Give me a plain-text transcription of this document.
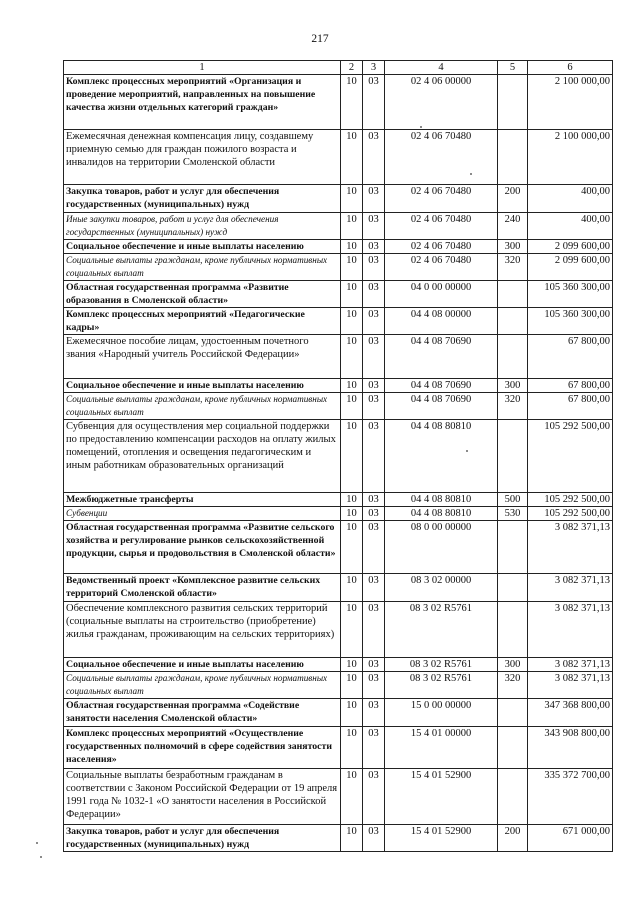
217
1	2	3	4	5	6
Комплекс процессных мероприятий «Организация и проведение мероприятий, направленных на повышение качества жизни отдельных категорий граждан»	10	03	02 4 06 00000		2 100 000,00
Ежемесячная денежная компенсация лицу, создавшему приемную семью для граждан пожилого возраста и инвалидов на территории Смоленской области	10	03	02 4 06 70480		2 100 000,00
Закупка товаров, работ и услуг для обеспечения государственных (муниципальных) нужд	10	03	02 4 06 70480	200	400,00
Иные закупки товаров, работ и услуг для обеспечения государственных (муниципальных) нужд	10	03	02 4 06 70480	240	400,00
Социальное обеспечение и иные выплаты населению	10	03	02 4 06 70480	300	2 099 600,00
Социальные выплаты гражданам, кроме публичных нормативных социальных выплат	10	03	02 4 06 70480	320	2 099 600,00
Областная государственная программа «Развитие образования в Смоленской области»	10	03	04 0 00 00000		105 360 300,00
Комплекс процессных мероприятий «Педагогические кадры»	10	03	04 4 08 00000		105 360 300,00
Ежемесячное пособие лицам, удостоенным почетного звания «Народный учитель Российской Федерации»	10	03	04 4 08 70690		67 800,00
Социальное обеспечение и иные выплаты населению	10	03	04 4 08 70690	300	67 800,00
Социальные выплаты гражданам, кроме публичных нормативных социальных выплат	10	03	04 4 08 70690	320	67 800,00
Субвенция для осуществления мер социальной поддержки по предоставлению компенсации расходов на оплату жилых помещений, отопления и освещения педагогическим и иным работникам образовательных организаций	10	03	04 4 08 80810		105 292 500,00
Межбюджетные трансферты	10	03	04 4 08 80810	500	105 292 500,00
Субвенции	10	03	04 4 08 80810	530	105 292 500,00
Областная государственная программа «Развитие сельского хозяйства и регулирование рынков сельскохозяйственной продукции, сырья и продовольствия в Смоленской области»	10	03	08 0 00 00000		3 082 371,13
Ведомственный проект «Комплексное развитие сельских территорий Смоленской области»	10	03	08 3 02 00000		3 082 371,13
Обеспечение комплексного развития сельских территорий (социальные выплаты на строительство (приобретение) жилья гражданам, проживающим на сельских территориях)	10	03	08 3 02 R5761		3 082 371,13
Социальное обеспечение и иные выплаты населению	10	03	08 3 02 R5761	300	3 082 371,13
Социальные выплаты гражданам, кроме публичных нормативных социальных выплат	10	03	08 3 02 R5761	320	3 082 371,13
Областная государственная программа «Содействие занятости населения Смоленской области»	10	03	15 0 00 00000		347 368 800,00
Комплекс процессных мероприятий «Осуществление государственных полномочий в сфере содействия занятости населения»	10	03	15 4 01 00000		343 908 800,00
Социальные выплаты безработным гражданам в соответствии с Законом Российской Федерации от 19 апреля 1991 года № 1032-1 «О занятости населения в Российской Федерации»	10	03	15 4 01 52900		335 372 700,00
Закупка товаров, работ и услуг для обеспечения государственных (муниципальных) нужд	10	03	15 4 01 52900	200	671 000,00
